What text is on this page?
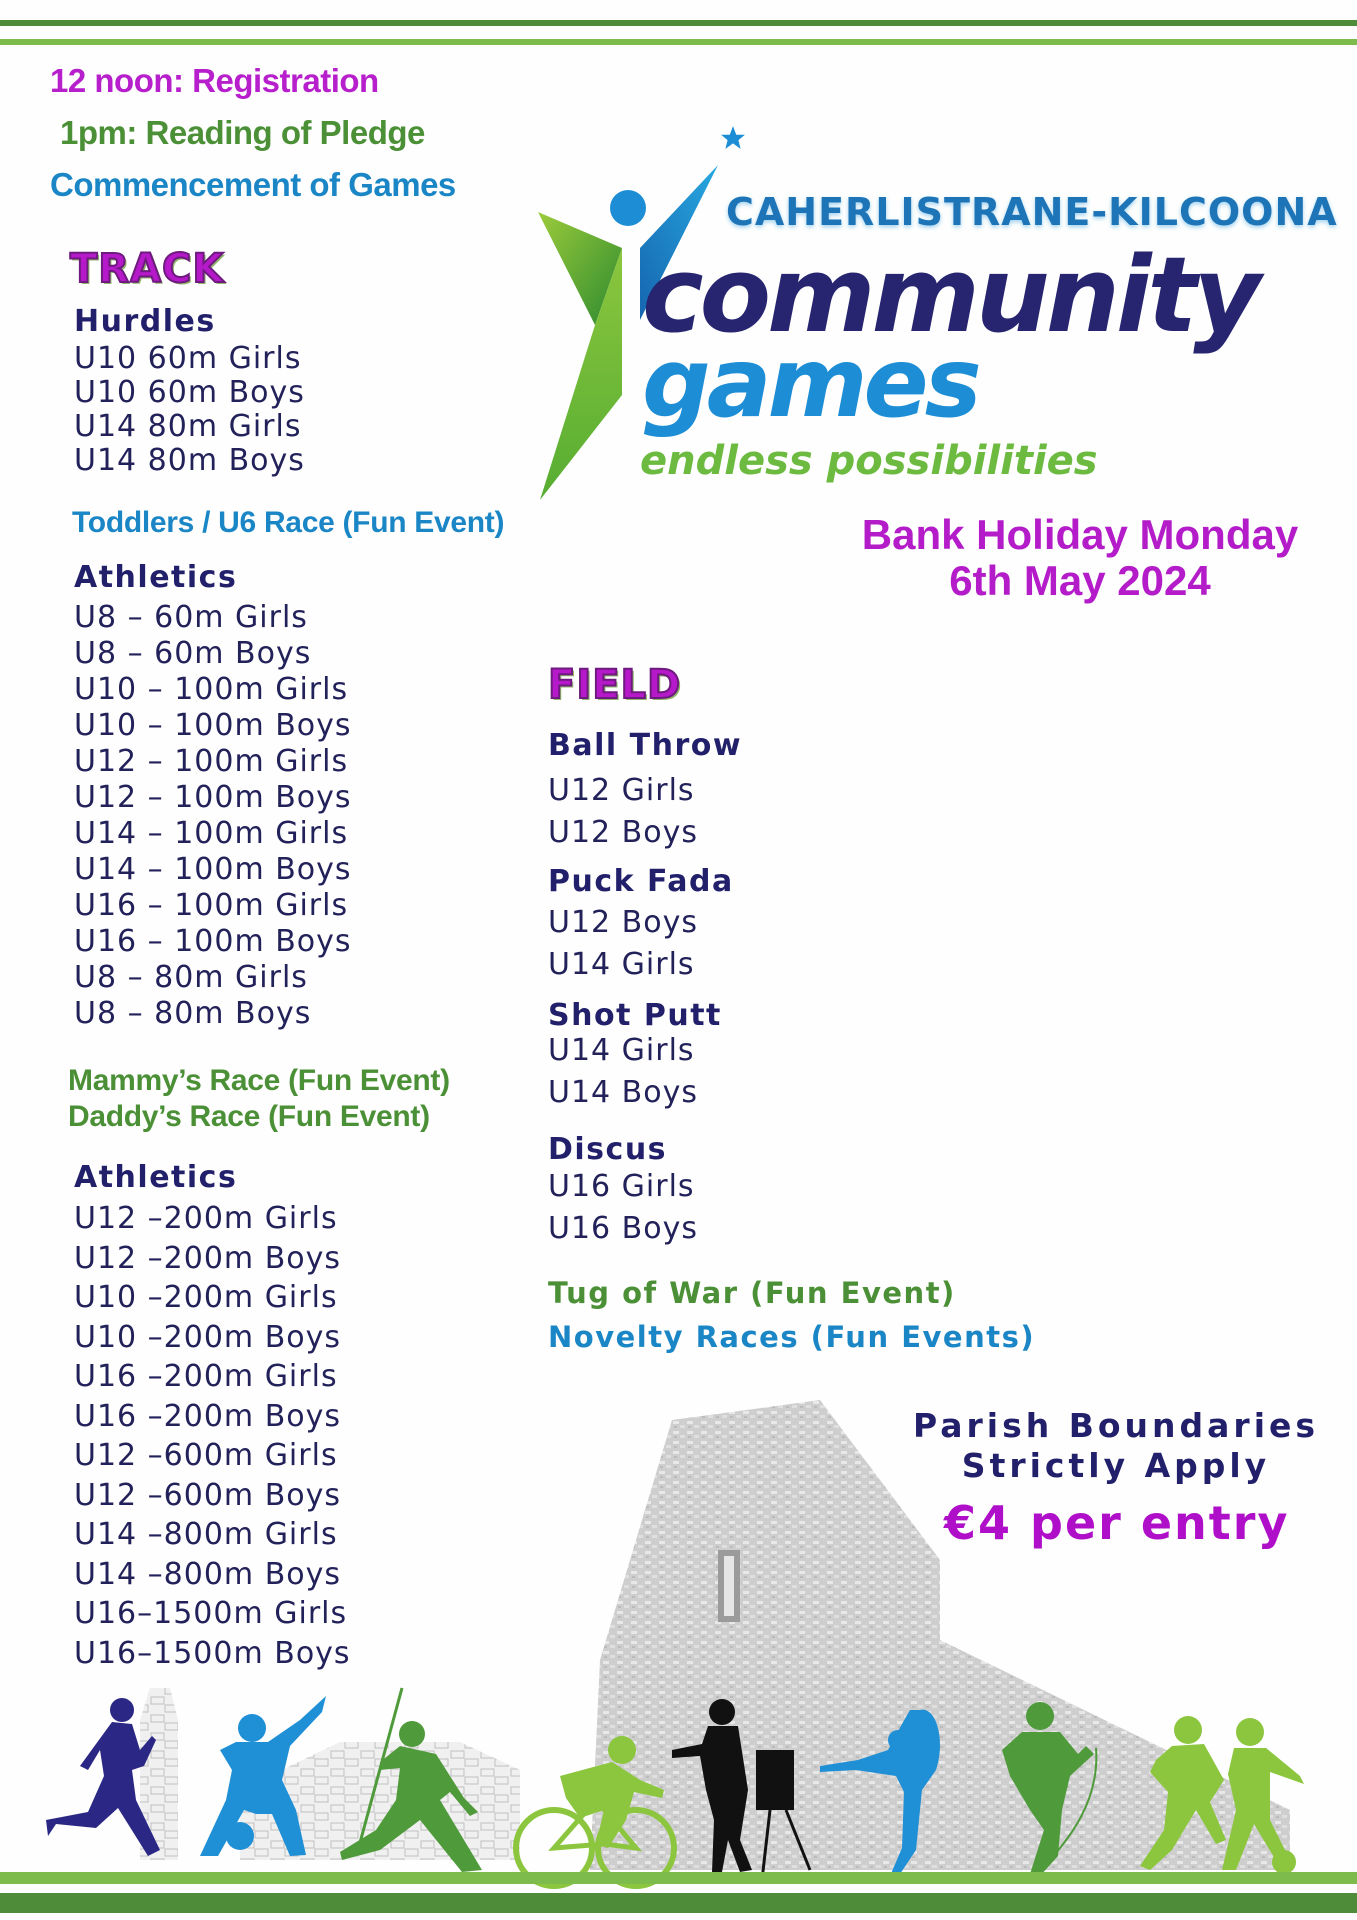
12 noon: Registration
1pm: Reading of Pledge
Commencement of Games
CAHERLISTRANE-KILCOONA
community
games
endless possibilities
Bank Holiday Monday
6th May 2024
TRACK
Hurdles
U10 60m Girls
U10 60m Boys
U14 80m Girls
U14 80m Boys
Toddlers / U6 Race (Fun Event)
Athletics
U8 – 60m Girls
U8 – 60m Boys
U10 – 100m Girls
U10 – 100m Boys
U12 – 100m Girls
U12 – 100m Boys
U14 – 100m Girls
U14 – 100m Boys
U16 – 100m Girls
U16 – 100m Boys
U8 – 80m Girls
U8 – 80m Boys
Mammy’s Race (Fun Event)
Daddy’s Race (Fun Event)
Athletics
U12 –200m Girls
U12 –200m Boys
U10 –200m Girls
U10 –200m Boys
U16 –200m Girls
U16 –200m Boys
U12 –600m Girls
U12 –600m Boys
U14 –800m Girls
U14 –800m Boys
U16–1500m Girls
U16–1500m Boys
FIELD
Ball Throw
U12 Girls
U12 Boys
Puck Fada
U12 Boys
U14 Girls
Shot Putt
U14 Girls
U14 Boys
Discus
U16 Girls
U16 Boys
Tug of War (Fun Event)
Novelty Races (Fun Events)
Parish Boundaries
Strictly Apply
€4 per entry
